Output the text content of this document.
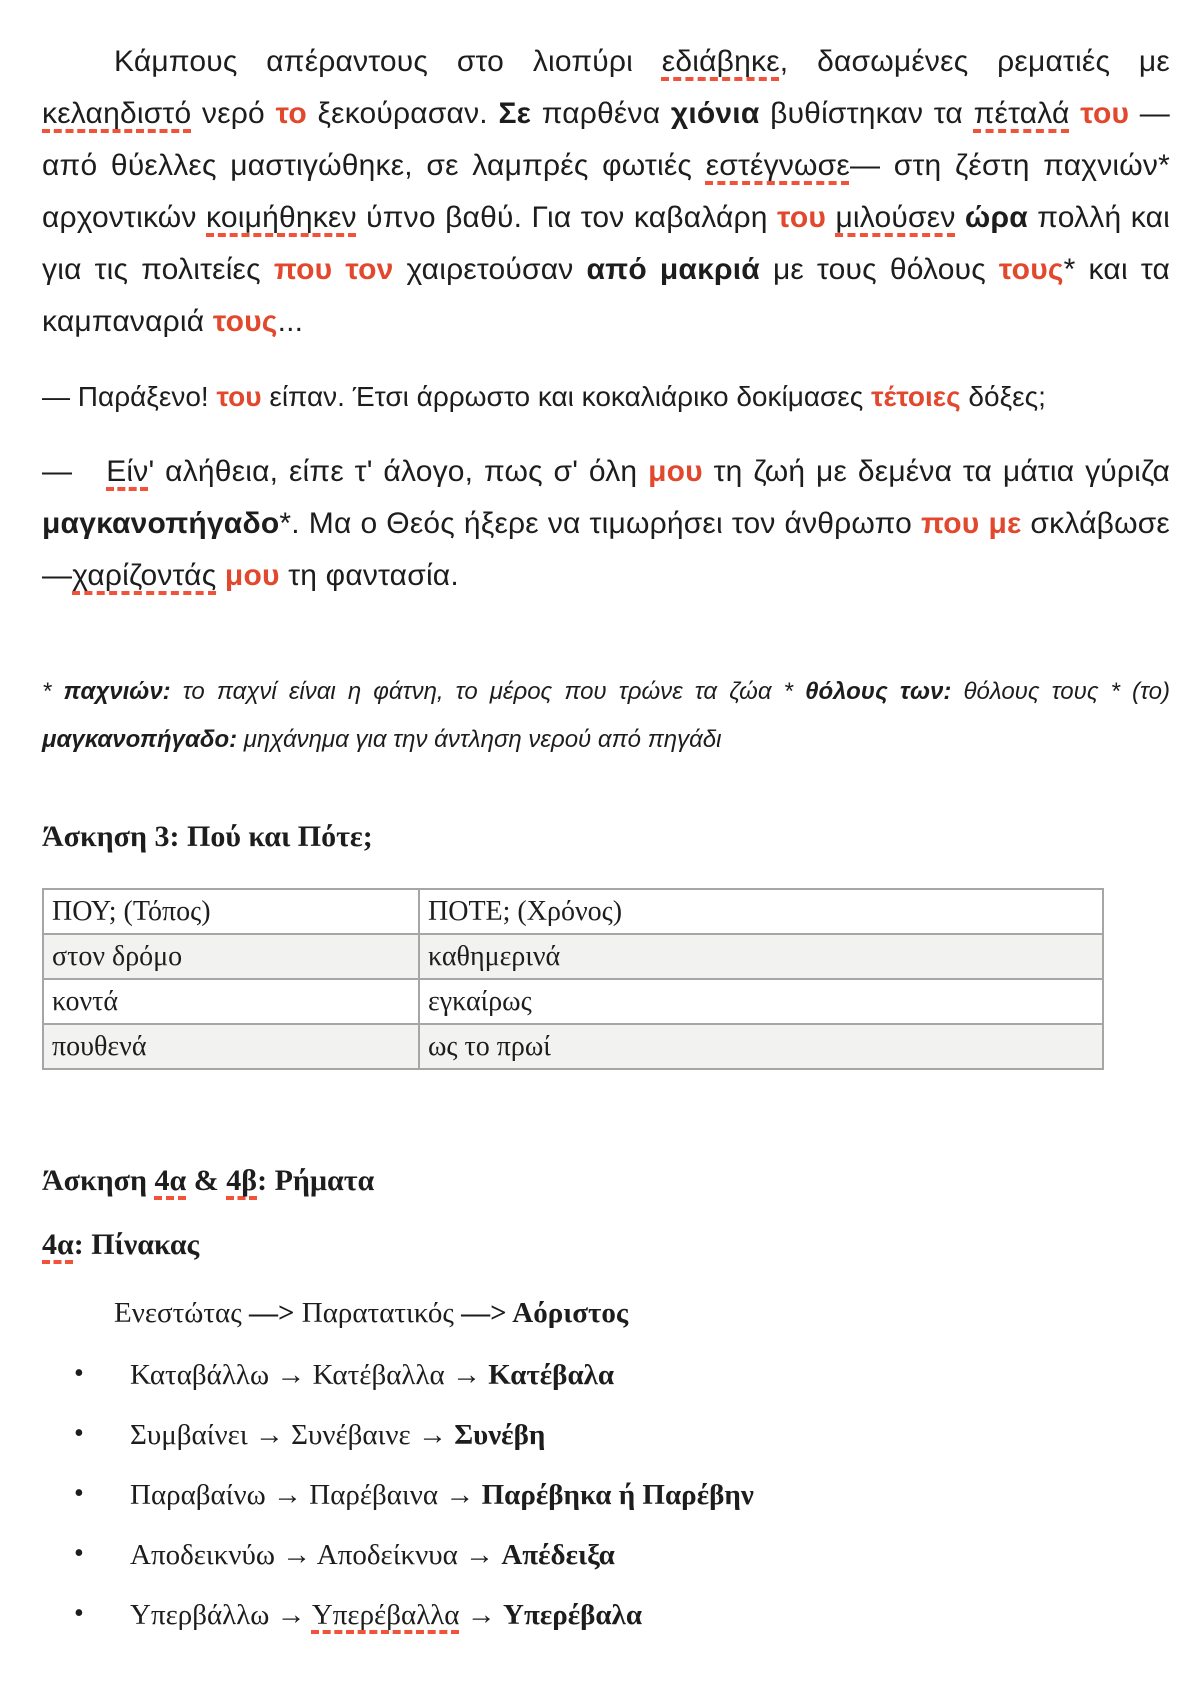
Κάμπους απέραντους στο λιοπύρι εδιάβηκε, δασωμένες ρεματιές με κελαηδιστό νερό το ξεκούρασαν. Σε παρθένα χιόνια βυθίστηκαν τα πέταλά του — από θύελλες μαστιγώθηκε, σε λαμπρές φωτιές εστέγνωσε— στη ζέστη παχνιών* αρχοντικών κοιμήθηκεν ύπνο βαθύ. Για τον καβαλάρη του μιλούσεν ώρα πολλή και για τις πολιτείες που τον χαιρετούσαν από μακριά με τους θόλους τους* και τα καμπαναριά τους...

— Παράξενο! του είπαν. Έτσι άρρωστο και κοκαλιάρικο δοκίμασες τέτοιες δόξες;

— Είν' αλήθεια, είπε τ' άλογο, πως σ' όλη μου τη ζωή με δεμένα τα μάτια γύριζα μαγκανοπήγαδο*. Μα ο Θεός ήξερε να τιμωρήσει τον άνθρωπο που με σκλάβωσε —χαρίζοντάς μου τη φαντασία.

* παχνιών: το παχνί είναι η φάτνη, το μέρος που τρώνε τα ζώα * θόλους των: θόλους τους * (το) μαγκανοπήγαδο: μηχάνημα για την άντληση νερού από πηγάδι

Άσκηση 3: Πού και Πότε;
ΠΟΥ; (Τόπος)	ΠΟΤΕ; (Χρόνος)
στον δρόμο	καθημερινά
κοντά	εγκαίρως
πουθενά	ως το πρωί
Άσκηση 4α & 4β: Ρήματα
4α: Πίνακας

Ενεστώτας —> Παρατατικός —> Αόριστος

• Καταβάλλω → Κατέβαλλα → Κατέβαλα
• Συμβαίνει → Συνέβαινε → Συνέβη
• Παραβαίνω → Παρέβαινα → Παρέβηκα ή Παρέβην
• Αποδεικνύω → Αποδείκνυα → Απέδειξα
• Υπερβάλλω → Υπερέβαλλα → Υπερέβαλα
